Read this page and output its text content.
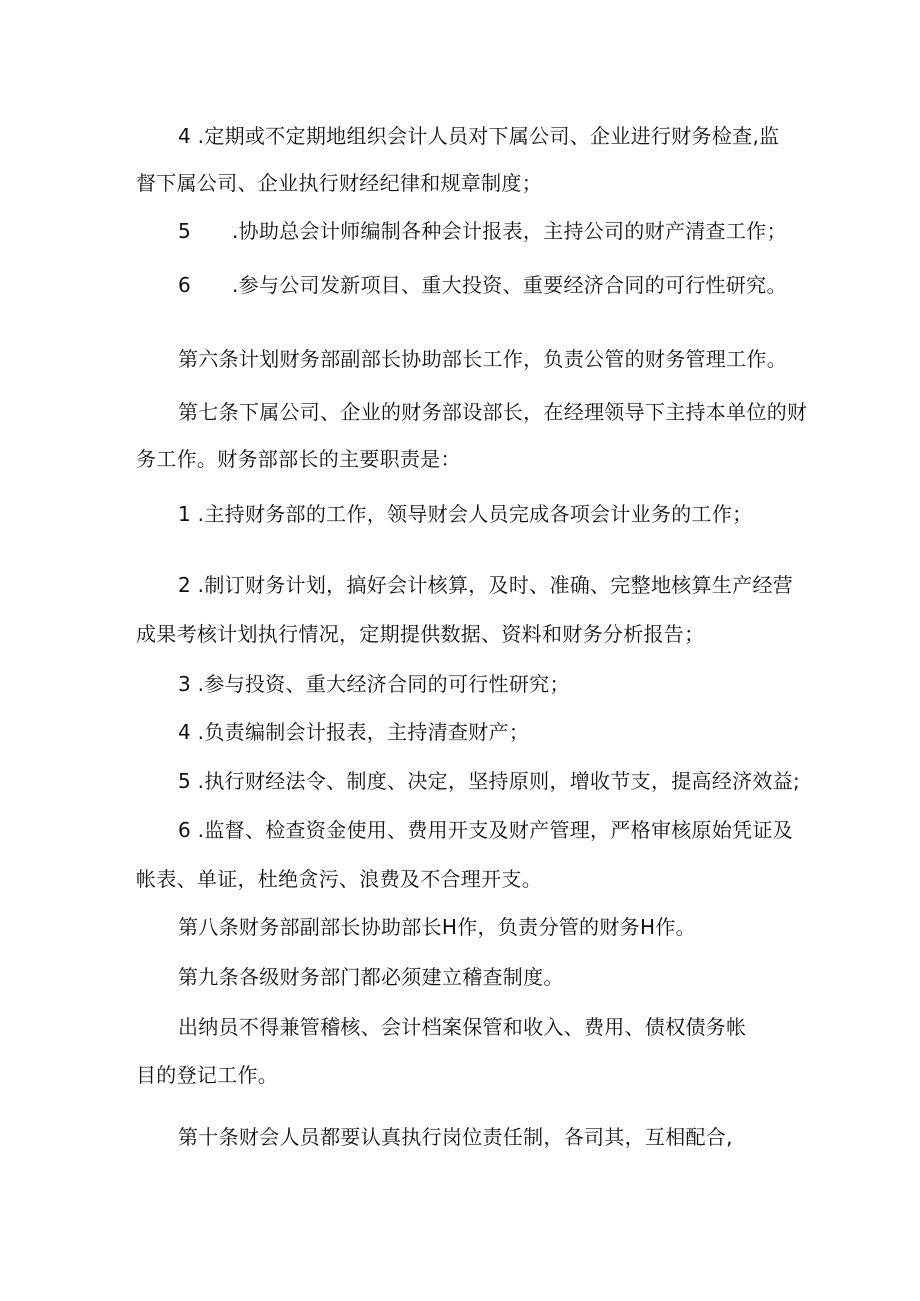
4 .定期或不定期地组织会计人员对下属公司、企业进行财务检查,监
督下属公司、企业执行财经纪律和规章制度；
5 .协助总会计师编制各种会计报表，主持公司的财产清查工作；
6 .参与公司发新项目、重大投资、重要经济合同的可行性研究。
第六条计划财务部副部长协助部长工作，负责公管的财务管理工作。
第七条下属公司、企业的财务部设部长，在经理领导下主持本单位的财
务工作。财务部部长的主要职责是：
1 .主持财务部的工作，领导财会人员完成各项会计业务的工作；
2 .制订财务计划，搞好会计核算，及时、准确、完整地核算生产经营
成果考核计划执行情况，定期提供数据、资料和财务分析报告；
3 .参与投资、重大经济合同的可行性研究；
4 .负责编制会计报表，主持清查财产；
5 .执行财经法令、制度、决定，坚持原则，增收节支，提高经济效益;
6 .监督、检查资金使用、费用开支及财产管理，严格审核原始凭证及
帐表、单证，杜绝贪污、浪费及不合理开支。
第八条财务部副部长协助部长H作，负责分管的财务H作。
第九条各级财务部门都必须建立稽查制度。
出纳员不得兼管稽核、会计档案保管和收入、费用、债权债务帐
目的登记工作。
第十条财会人员都要认真执行岗位责任制，各司其，互相配合,
